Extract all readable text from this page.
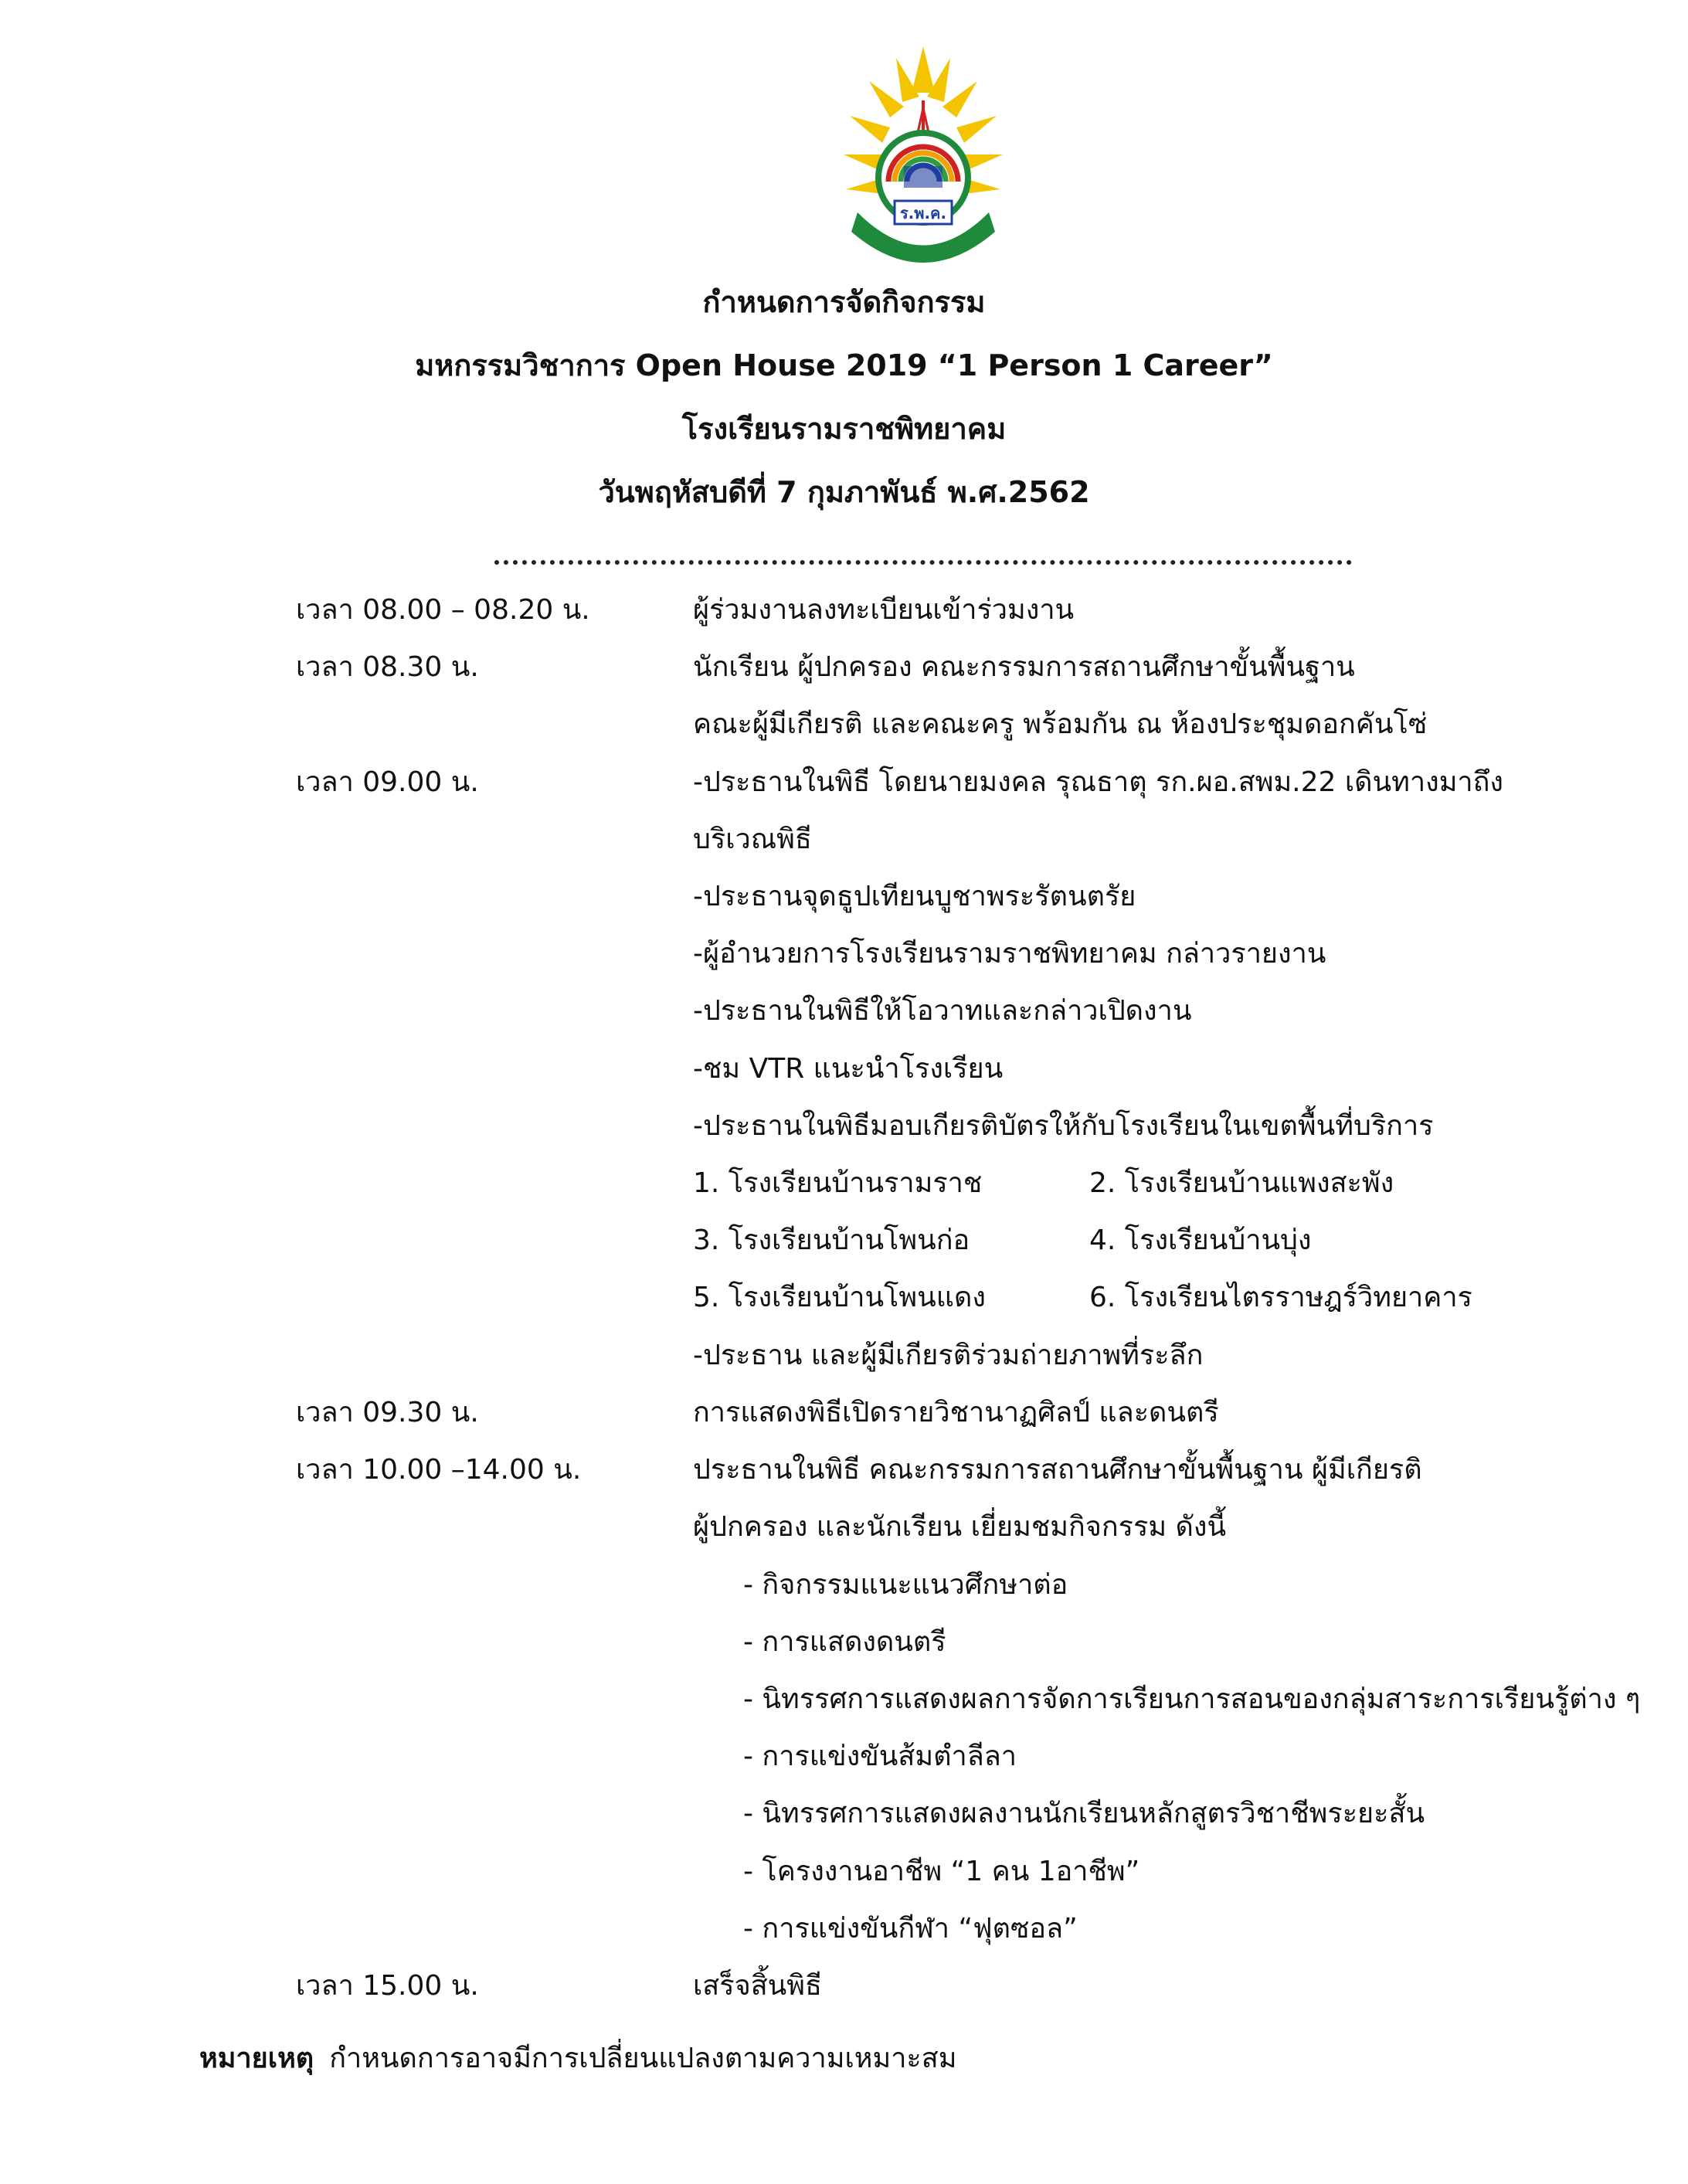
ร.พ.ค.
กำหนดการจัดกิจกรรม
มหกรรมวิชาการ Open House 2019 “1 Person 1 Career”
โรงเรียนรามราชพิทยาคม
วันพฤหัสบดีที่ 7 กุมภาพันธ์ พ.ศ.2562
เวลา 08.00 – 08.20 น.	ผู้ร่วมงานลงทะเบียนเข้าร่วมงาน
เวลา 08.30 น.	นักเรียน ผู้ปกครอง คณะกรรมการสถานศึกษาขั้นพื้นฐาน
คณะผู้มีเกียรติ และคณะครู พร้อมกัน ณ ห้องประชุมดอกคันโซ่
เวลา 09.00 น.	-ประธานในพิธี โดยนายมงคล รุณธาตุ รก.ผอ.สพม.22 เดินทางมาถึง
บริเวณพิธี
-ประธานจุดธูปเทียนบูชาพระรัตนตรัย
-ผู้อำนวยการโรงเรียนรามราชพิทยาคม กล่าวรายงาน
-ประธานในพิธีให้โอวาทและกล่าวเปิดงาน
-ชม VTR แนะนำโรงเรียน
-ประธานในพิธีมอบเกียรติบัตรให้กับโรงเรียนในเขตพื้นที่บริการ
1. โรงเรียนบ้านรามราช	2. โรงเรียนบ้านแพงสะพัง
3. โรงเรียนบ้านโพนก่อ	4. โรงเรียนบ้านบุ่ง
5. โรงเรียนบ้านโพนแดง	6. โรงเรียนไตรราษฎร์วิทยาคาร
-ประธาน และผู้มีเกียรติร่วมถ่ายภาพที่ระลึก
เวลา 09.30 น.	การแสดงพิธีเปิดรายวิชานาฏศิลป์ และดนตรี
เวลา 10.00 –14.00 น.	ประธานในพิธี คณะกรรมการสถานศึกษาขั้นพื้นฐาน ผู้มีเกียรติ
ผู้ปกครอง และนักเรียน เยี่ยมชมกิจกรรม ดังนี้
- กิจกรรมแนะแนวศึกษาต่อ
- การแสดงดนตรี
- นิทรรศการแสดงผลการจัดการเรียนการสอนของกลุ่มสาระการเรียนรู้ต่าง ๆ
- การแข่งขันส้มตำลีลา
- นิทรรศการแสดงผลงานนักเรียนหลักสูตรวิชาชีพระยะสั้น
- โครงงานอาชีพ “1 คน 1อาชีพ”
- การแข่งขันกีฬา “ฟุตซอล”
เวลา 15.00 น.	เสร็จสิ้นพิธี
หมายเหตุ กำหนดการอาจมีการเปลี่ยนแปลงตามความเหมาะสม
